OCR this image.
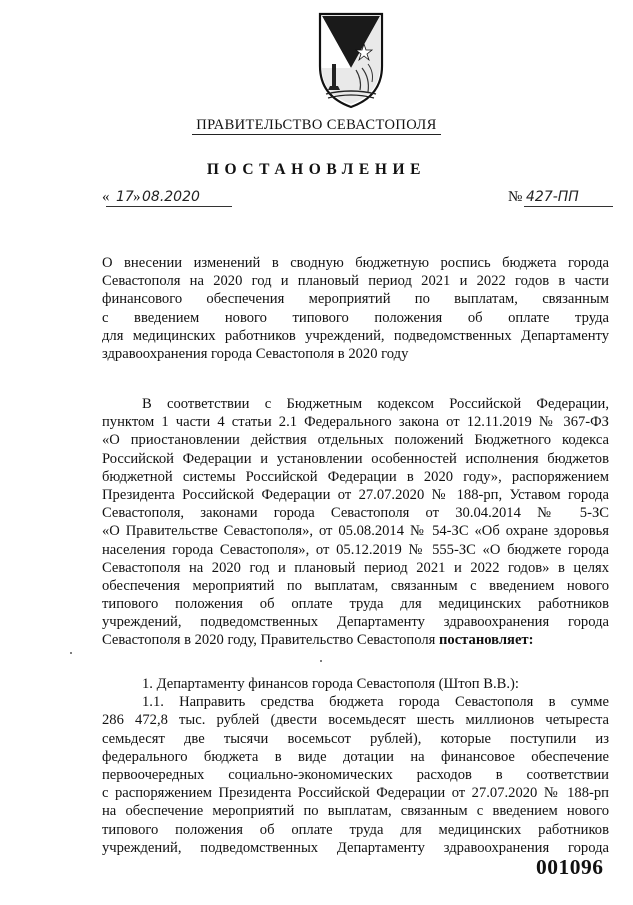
ПРАВИТЕЛЬСТВО СЕВАСТОПОЛЯ
ПОСТАНОВЛЕНИЕ
« 17 » 08.2020	№ 427-ПП
О внесении изменений в сводную бюджетную роспись бюджета города
Севастополя на 2020 год и плановый период 2021 и 2022 годов в части
финансового обеспечения мероприятий по выплатам, связанным
с введением нового типового положения об оплате труда
для медицинских работников учреждений, подведомственных Департаменту
здравоохранения города Севастополя в 2020 году
В соответствии с Бюджетным кодексом Российской Федерации,
пунктом 1 части 4 статьи 2.1 Федерального закона от 12.11.2019 № 367-ФЗ
«О приостановлении действия отдельных положений Бюджетного кодекса
Российской Федерации и установлении особенностей исполнения бюджетов
бюджетной системы Российской Федерации в 2020 году», распоряжением
Президента Российской Федерации от 27.07.2020 № 188-рп, Уставом города
Севастополя, законами города Севастополя от 30.04.2014 № 5-ЗС
«О Правительстве Севастополя», от 05.08.2014 № 54-ЗС «Об охране здоровья
населения города Севастополя», от 05.12.2019 № 555-ЗС «О бюджете города
Севастополя на 2020 год и плановый период 2021 и 2022 годов» в целях
обеспечения мероприятий по выплатам, связанным с введением нового
типового положения об оплате труда для медицинских работников
учреждений, подведомственных Департаменту здравоохранения города
Севастополя в 2020 году, Правительство Севастополя постановляет:
1. Департаменту финансов города Севастополя (Штоп В.В.):
1.1. Направить средства бюджета города Севастополя в сумме
286 472,8 тыс. рублей (двести восемьдесят шесть миллионов четыреста
семьдесят две тысячи восемьсот рублей), которые поступили из
федерального бюджета в виде дотации на финансовое обеспечение
первоочередных социально-экономических расходов в соответствии
с распоряжением Президента Российской Федерации от 27.07.2020 № 188-рп
на обеспечение мероприятий по выплатам, связанным с введением нового
типового положения об оплате труда для медицинских работников
учреждений, подведомственных Департаменту здравоохранения города
001096
